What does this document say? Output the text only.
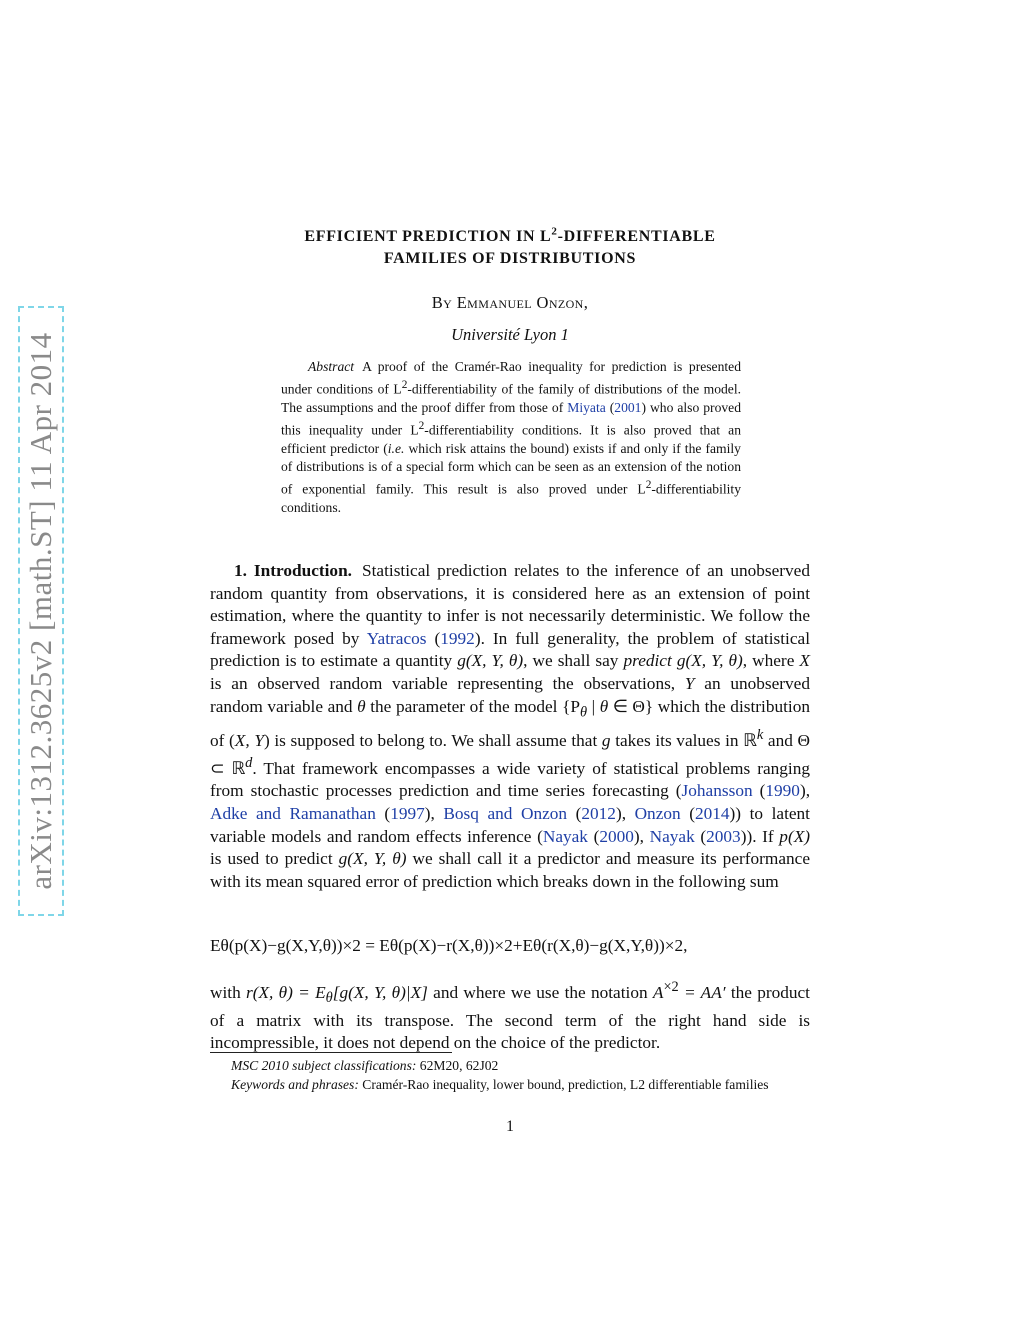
arXiv:1312.3625v2 [math.ST] 11 Apr 2014
EFFICIENT PREDICTION IN $L^2$-DIFFERENTIABLE
FAMILIES OF DISTRIBUTIONS
By Emmanuel Onzon,
Université Lyon 1
Abstract A proof of the Cramér-Rao inequality for prediction is presented under conditions of $L^2$-differentiability of the family of distributions of the model. The assumptions and the proof differ from those of Miyata (2001) who also proved this inequality under $L^2$-differentiability conditions. It is also proved that an efficient predictor (i.e. which risk attains the bound) exists if and only if the family of distributions is of a special form which can be seen as an extension of the notion of exponential family. This result is also proved under $L^2$-differentiability conditions.

1. Introduction. Statistical prediction relates to the inference of an unobserved random quantity from observations, it is considered here as an extension of point estimation, where the quantity to infer is not necessarily deterministic. We follow the framework posed by Yatracos (1992). In full generality, the problem of statistical prediction is to estimate a quantity g(X, Y, θ), we shall say predict g(X, Y, θ), where X is an observed random variable representing the observations, Y an unobserved random variable and θ the parameter of the model {$P_\theta$ | θ ∈ Θ} which the distribution of (X, Y) is supposed to belong to. We shall assume that g takes its values in ℝ$^k$ and Θ ⊂ ℝ$^d$. That framework encompasses a wide variety of statistical problems ranging from stochastic processes prediction and time series forecasting (Johansson (1990), Adke and Ramanathan (1997), Bosq and Onzon (2012), Onzon (2014)) to latent variable models and random effects inference (Nayak (2000), Nayak (2003)). If p(X) is used to predict g(X, Y, θ) we shall call it a predictor and measure its performance with its mean squared error of prediction which breaks down in the following sum

Eθ(p(X)−g(X,Y,θ))×2 = Eθ(p(X)−r(X,θ))×2+Eθ(r(X,θ)−g(X,Y,θ))×2,
with r(X, $\theta) = E_\theta[g(X$, Y, θ)|X] and where we use the notation $A^{\times 2} = AA'$ the product of a matrix with its transpose. The second term of the right hand side is incompressible, it does not depend on the choice of the predictor.

MSC 2010 subject classifications: 62M20, 62J02

Keywords and phrases: Cramér-Rao inequality, lower bound, prediction, L2 differentiable families

1
